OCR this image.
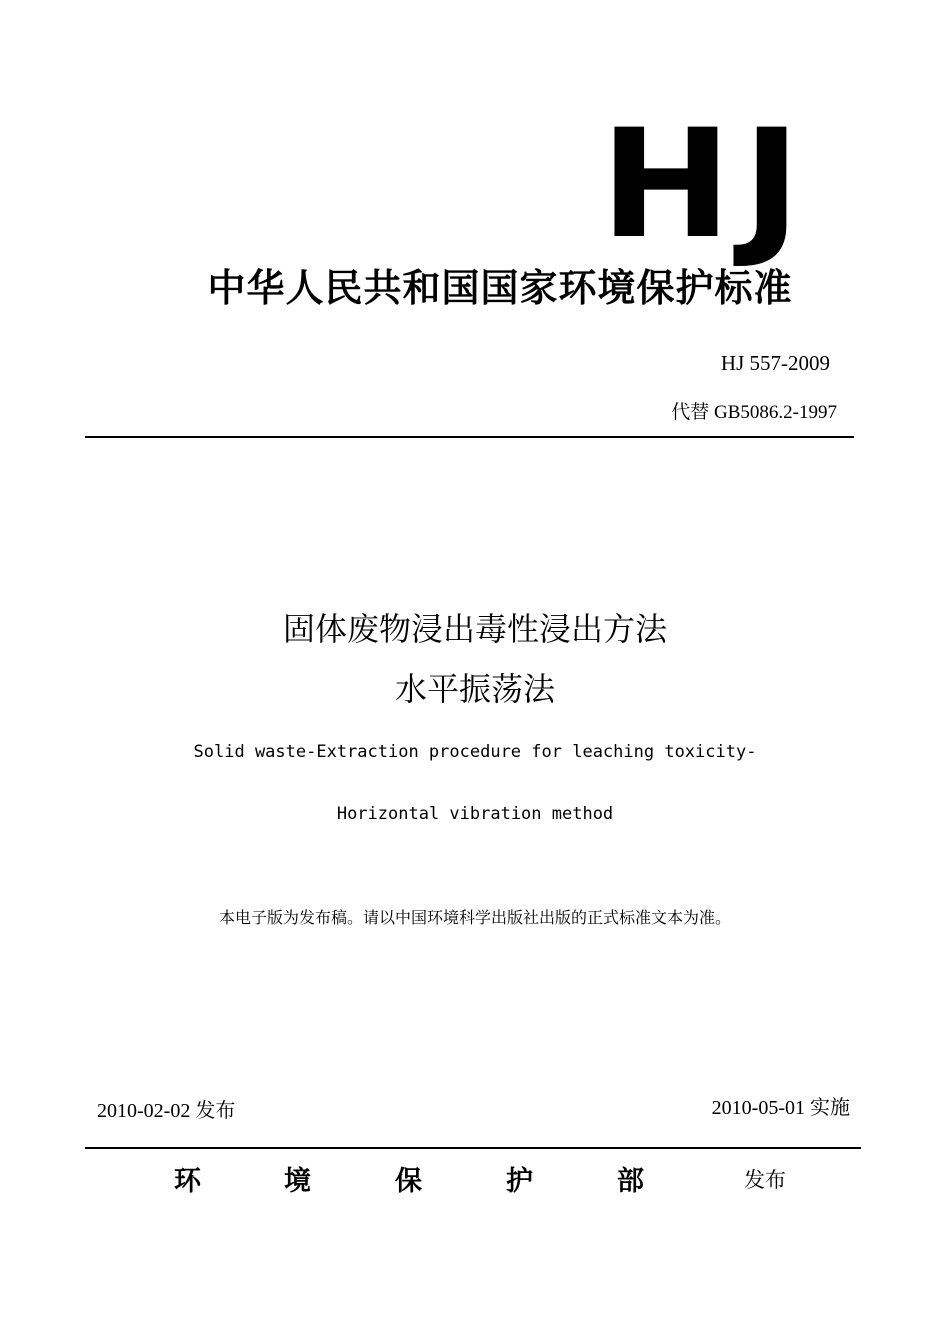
HJ
中华人民共和国国家环境保护标准
HJ 557-2009
代替 GB5086.2-1997
固体废物浸出毒性浸出方法
水平振荡法
Solid waste-Extraction procedure for leaching toxicity-
Horizontal vibration method
本电子版为发布稿。请以中国环境科学出版社出版的正式标准文本为准。
2010-02-02 发布	2010-05-01 实施
环	境	保	护	部	发布
